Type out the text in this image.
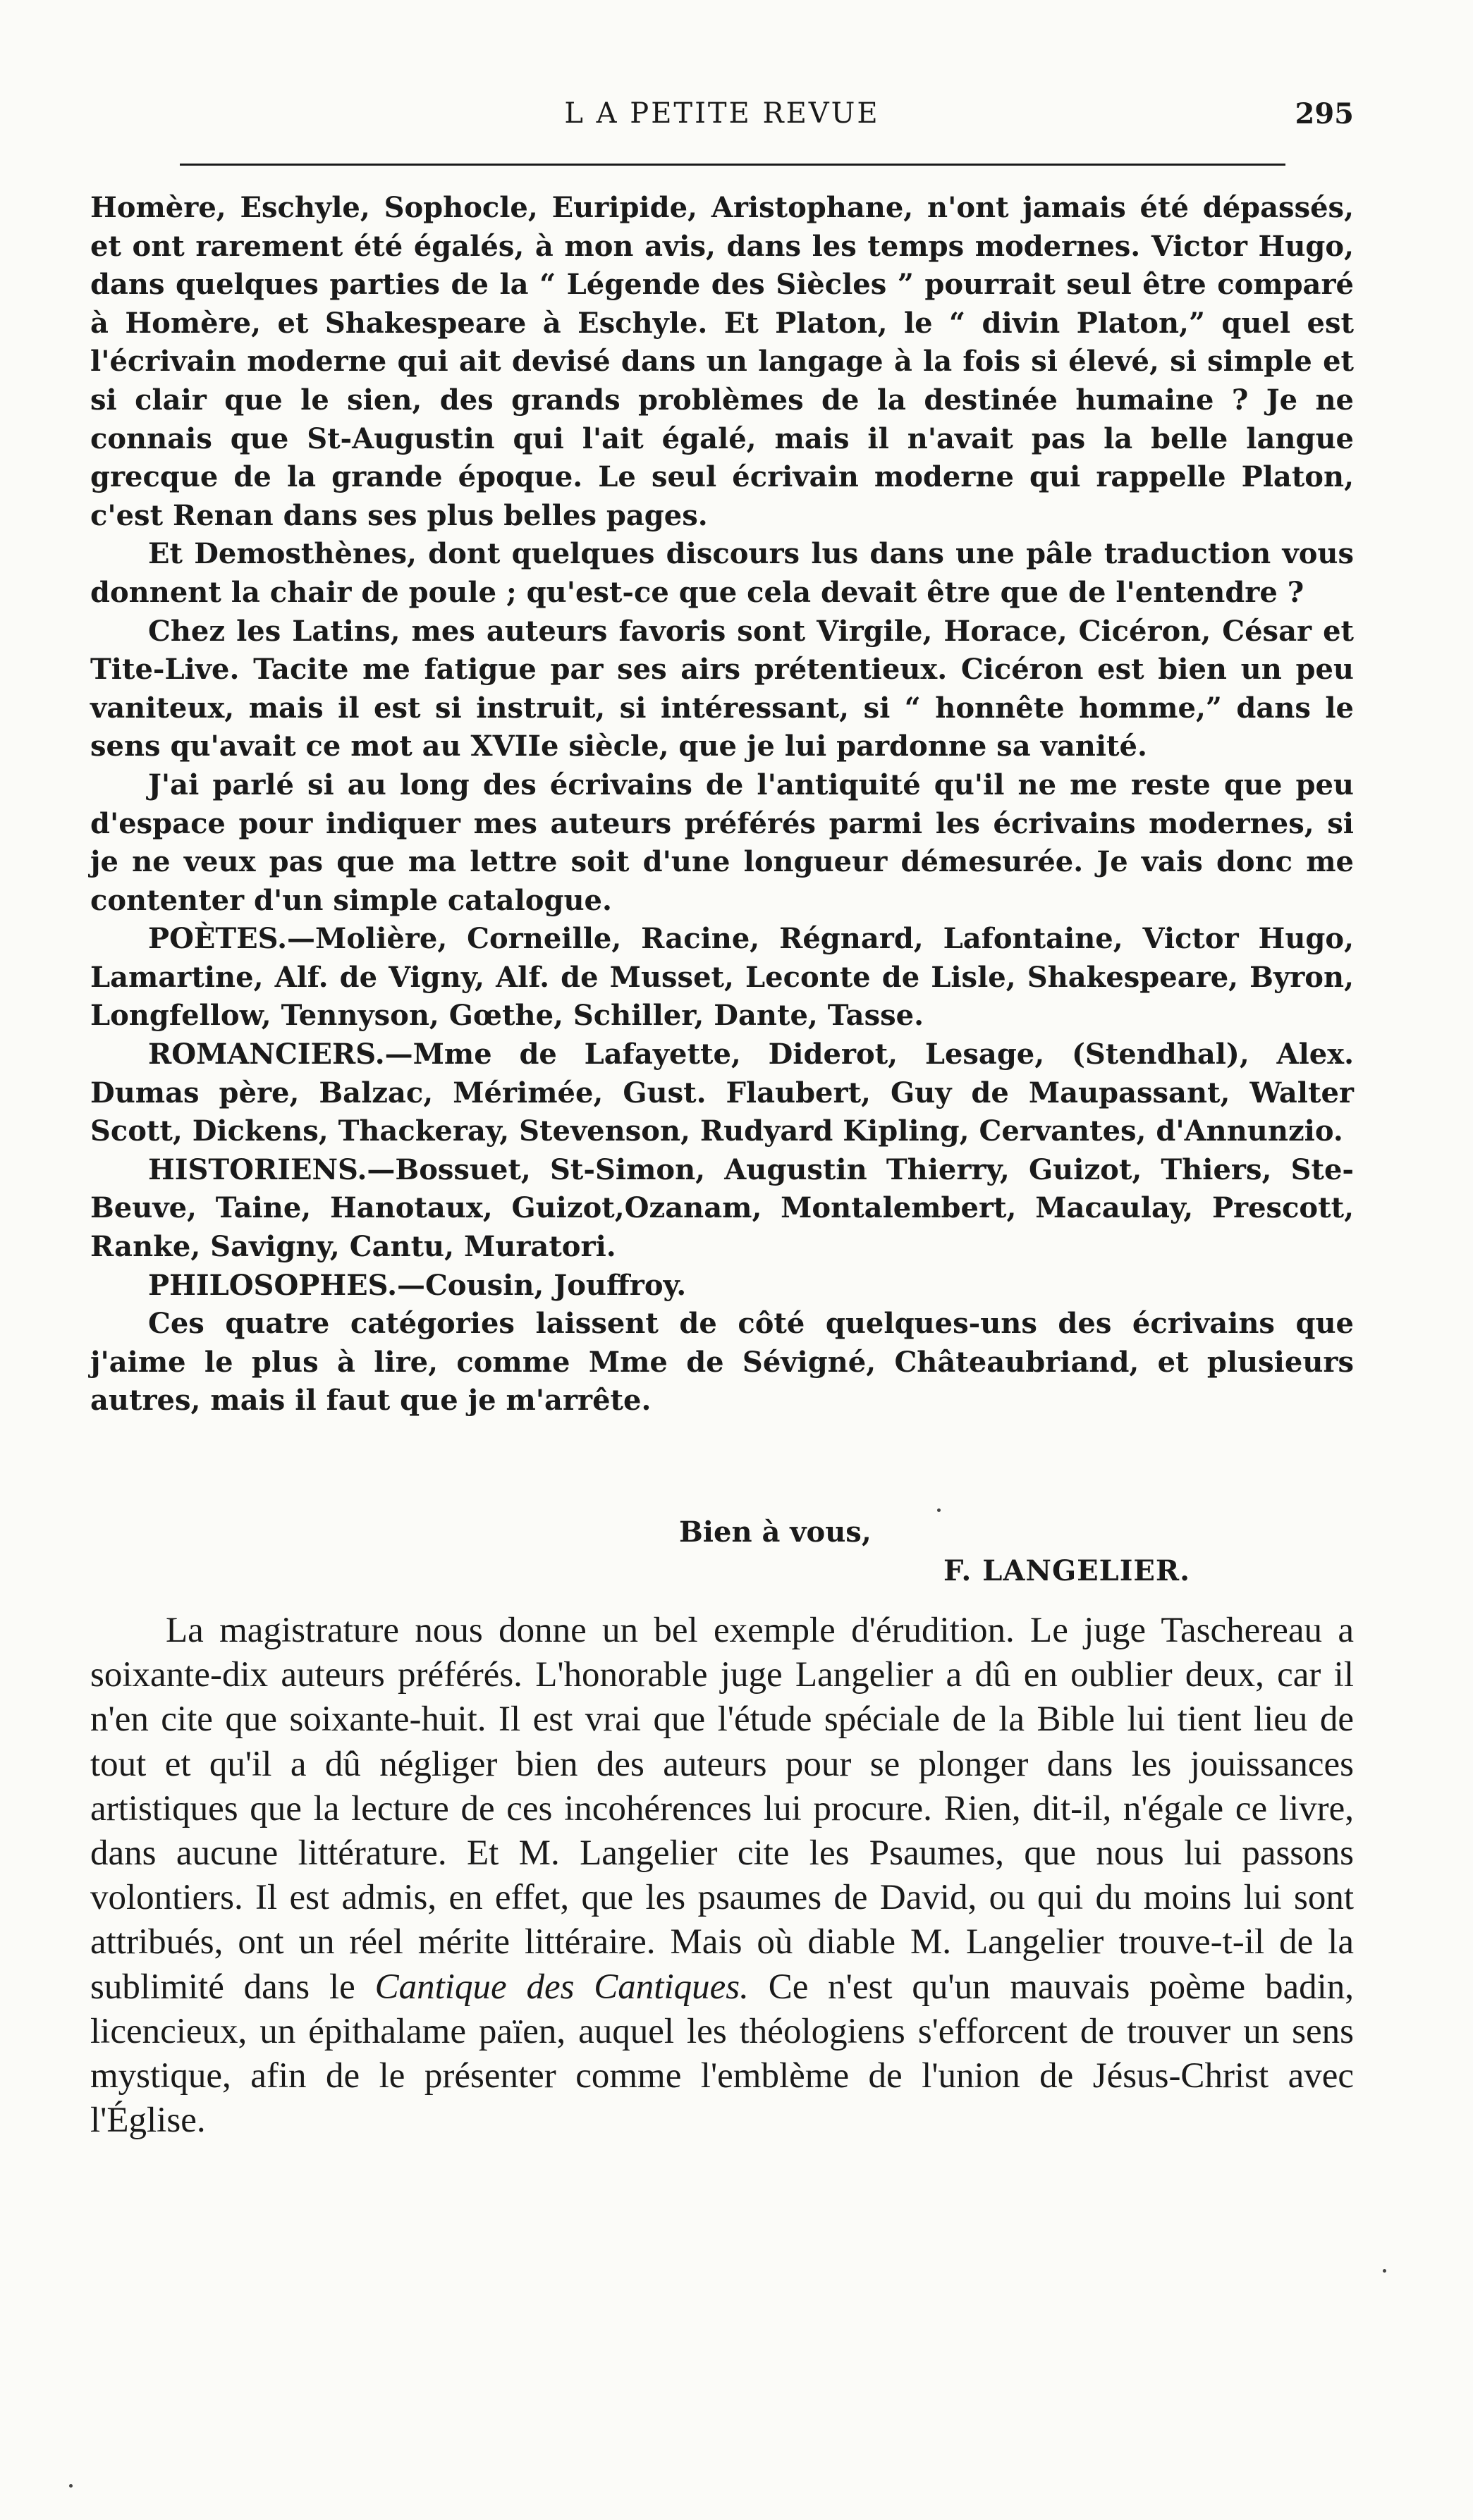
L A PETITE REVUE	295

Homère, Eschyle, Sophocle, Euripide, Aristophane, n'ont jamais été dépassés, et ont rarement été égalés, à mon avis, dans les temps modernes. Victor Hugo, dans quelques parties de la “ Légende des Siècles ” pourrait seul être comparé à Homère, et Shakespeare à Eschyle. Et Platon, le “ divin Platon,” quel est l'écrivain moderne qui ait devisé dans un langage à la fois si élevé, si simple et si clair que le sien, des grands problèmes de la destinée humaine ? Je ne connais que St-Augustin qui l'ait égalé, mais il n'avait pas la belle langue grecque de la grande époque. Le seul écrivain moderne qui rappelle Platon, c'est Renan dans ses plus belles pages.

Et Demosthènes, dont quelques discours lus dans une pâle traduction vous donnent la chair de poule ; qu'est-ce que cela devait être que de l'entendre ?

Chez les Latins, mes auteurs favoris sont Virgile, Horace, Cicéron, César et Tite-Live. Tacite me fatigue par ses airs prétentieux. Cicéron est bien un peu vaniteux, mais il est si instruit, si intéressant, si “ honnête homme,” dans le sens qu'avait ce mot au XVIIe siècle, que je lui pardonne sa vanité.

J'ai parlé si au long des écrivains de l'antiquité qu'il ne me reste que peu d'espace pour indiquer mes auteurs préférés parmi les écrivains modernes, si je ne veux pas que ma lettre soit d'une longueur démesurée. Je vais donc me contenter d'un simple catalogue.

POÈTES.—Molière, Corneille, Racine, Régnard, Lafontaine, Victor Hugo, Lamartine, Alf. de Vigny, Alf. de Musset, Leconte de Lisle, Shakespeare, Byron, Longfellow, Tennyson, Gœthe, Schiller, Dante, Tasse.

ROMANCIERS.—Mme de Lafayette, Diderot, Lesage, (Stendhal), Alex. Dumas père, Balzac, Mérimée, Gust. Flaubert, Guy de Maupassant, Walter Scott, Dickens, Thackeray, Stevenson, Rudyard Kipling, Cervantes, d'Annunzio.

HISTORIENS.—Bossuet, St-Simon, Augustin Thierry, Guizot, Thiers, Ste-Beuve, Taine, Hanotaux, Guizot,Ozanam, Montalembert, Macaulay, Prescott, Ranke, Savigny, Cantu, Muratori.

PHILOSOPHES.—Cousin, Jouffroy.

Ces quatre catégories laissent de côté quelques-uns des écrivains que j'aime le plus à lire, comme Mme de Sévigné, Châteaubriand, et plusieurs autres, mais il faut que je m'arrête.

Bien à vous,
F. LANGELIER.

La magistrature nous donne un bel exemple d'érudition. Le juge Taschereau a soixante-dix auteurs préférés. L'honorable juge Langelier a dû en oublier deux, car il n'en cite que soixante-huit. Il est vrai que l'étude spéciale de la Bible lui tient lieu de tout et qu'il a dû négliger bien des auteurs pour se plonger dans les jouissances artistiques que la lecture de ces incohérences lui procure. Rien, dit-il, n'égale ce livre, dans aucune littérature. Et M. Langelier cite les Psaumes, que nous lui passons volontiers. Il est admis, en effet, que les psaumes de David, ou qui du moins lui sont attribués, ont un réel mérite littéraire. Mais où diable M. Langelier trouve-t-il de la sublimité dans le Cantique des Cantiques. Ce n'est qu'un mauvais poème badin, licencieux, un épithalame païen, auquel les théologiens s'efforcent de trouver un sens mystique, afin de le présenter comme l'emblème de l'union de Jésus-Christ avec l'Église.
